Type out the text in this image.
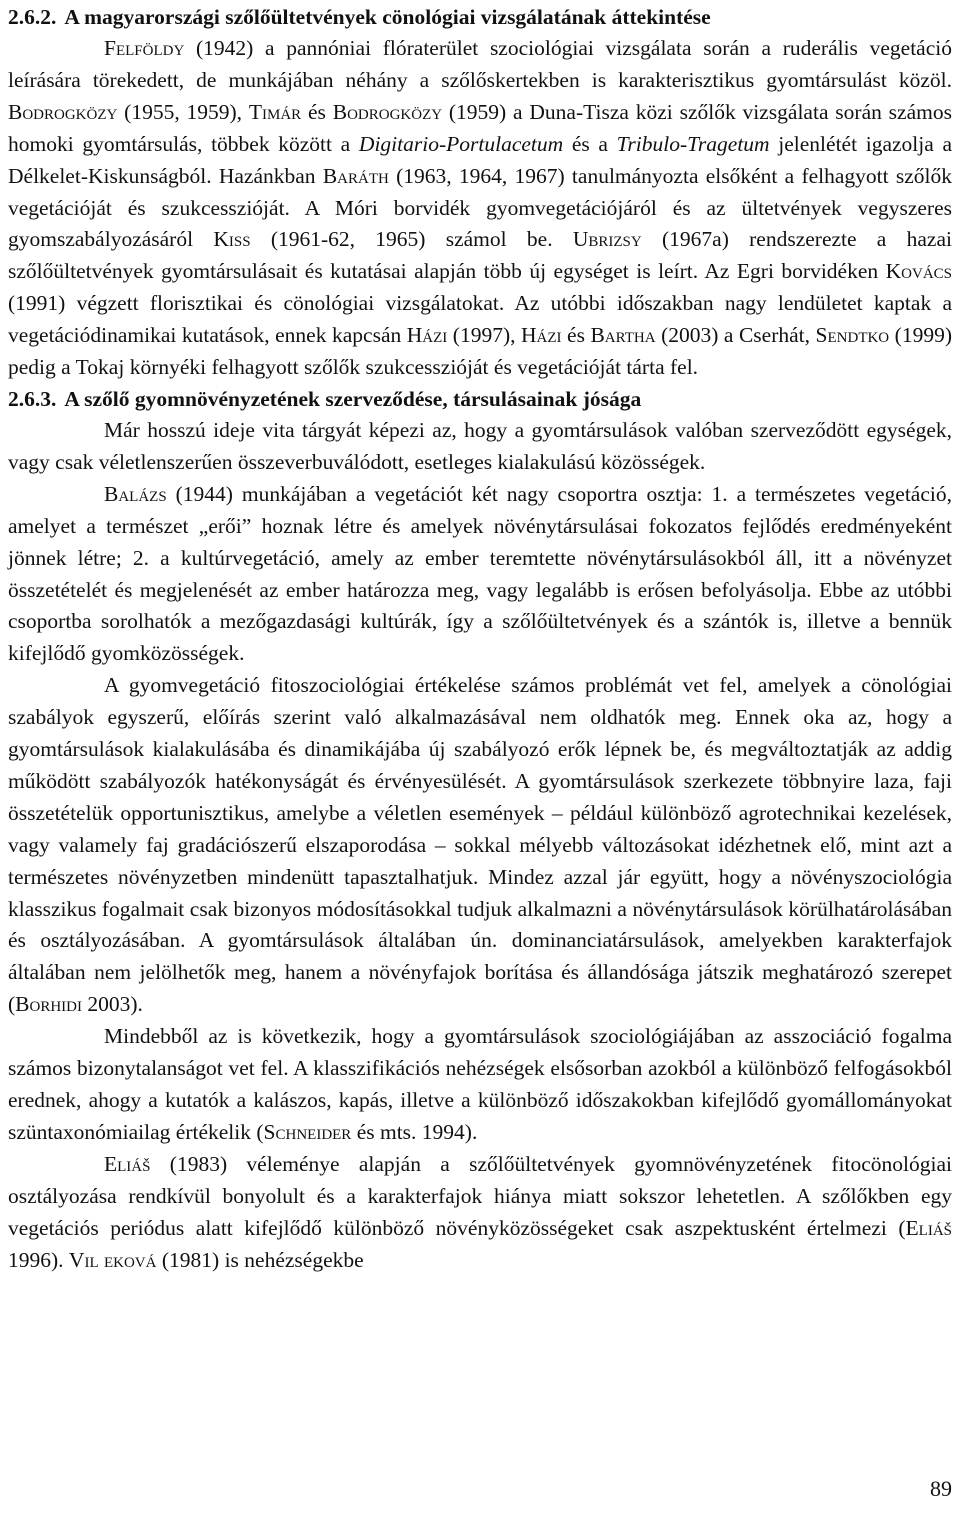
2.6.2. A magyarországi szőlőültetvények cönológiai vizsgálatának áttekintése

Felföldy (1942) a pannóniai flóraterület szociológiai vizsgálata során a ruderális vegetáció leírására törekedett, de munkájában néhány a szőlőskertekben is karakterisztikus gyomtársulást közöl. Bodrogközy (1955, 1959), Timár és Bodrogközy (1959) a Duna-Tisza közi szőlők vizsgálata során számos homoki gyomtársulás, többek között a Digitario-Portulacetum és a Tribulo-Tragetum jelenlétét igazolja a Délkelet-Kiskunságból. Hazánkban Baráth (1963, 1964, 1967) tanulmányozta elsőként a felhagyott szőlők vegetációját és szukcesszióját. A Móri borvidék gyomvegetációjáról és az ültetvények vegyszeres gyomszabályozásáról Kiss (1961-62, 1965) számol be. Ubrizsy (1967a) rendszerezte a hazai szőlőültetvények gyomtársulásait és kutatásai alapján több új egységet is leírt. Az Egri borvidéken Kovács (1991) végzett florisztikai és cönológiai vizsgálatokat. Az utóbbi időszakban nagy lendületet kaptak a vegetációdinamikai kutatások, ennek kapcsán Házi (1997), Házi és Bartha (2003) a Cserhát, Sendtko (1999) pedig a Tokaj környéki felhagyott szőlők szukcesszióját és vegetációját tárta fel.

2.6.3. A szőlő gyomnövényzetének szerveződése, társulásainak jósága

Már hosszú ideje vita tárgyát képezi az, hogy a gyomtársulások valóban szerveződött egységek, vagy csak véletlenszerűen összeverbuválódott, esetleges kialakulású közösségek.

Balázs (1944) munkájában a vegetációt két nagy csoportra osztja: 1. a természetes vegetáció, amelyet a természet „erői” hoznak létre és amelyek növénytársulásai fokozatos fejlődés eredményeként jönnek létre; 2. a kultúrvegetáció, amely az ember teremtette növénytársulásokból áll, itt a növényzet összetételét és megjelenését az ember határozza meg, vagy legalább is erősen befolyásolja. Ebbe az utóbbi csoportba sorolhatók a mezőgazdasági kultúrák, így a szőlőültetvények és a szántók is, illetve a bennük kifejlődő gyomközösségek.

A gyomvegetáció fitoszociológiai értékelése számos problémát vet fel, amelyek a cönológiai szabályok egyszerű, előírás szerint való alkalmazásával nem oldhatók meg. Ennek oka az, hogy a gyomtársulások kialakulásába és dinamikájába új szabályozó erők lépnek be, és megváltoztatják az addig működött szabályozók hatékonyságát és érvényesülését. A gyomtársulások szerkezete többnyire laza, faji összetételük opportunisztikus, amelybe a véletlen események – például különböző agrotechnikai kezelések, vagy valamely faj gradációszerű elszaporodása – sokkal mélyebb változásokat idézhetnek elő, mint azt a természetes növényzetben mindenütt tapasztalhatjuk. Mindez azzal jár együtt, hogy a növényszociológia klasszikus fogalmait csak bizonyos módosításokkal tudjuk alkalmazni a növénytársulások körülhatárolásában és osztályozásában. A gyomtársulások általában ún. dominanciatársulások, amelyekben karakterfajok általában nem jelölhetők meg, hanem a növényfajok borítása és állandósága játszik meghatározó szerepet (Borhidi 2003).

Mindebből az is következik, hogy a gyomtársulások szociológiájában az asszociáció fogalma számos bizonytalanságot vet fel. A klasszifikációs nehézségek elsősorban azokból a különböző felfogásokból erednek, ahogy a kutatók a kalászos, kapás, illetve a különböző időszakokban kifejlődő gyomállományokat szüntaxonómiailag értékelik (Schneider és mts. 1994).

Eliáš (1983) véleménye alapján a szőlőültetvények gyomnövényzetének fitocönológiai osztályozása rendkívül bonyolult és a karakterfajok hiánya miatt sokszor lehetetlen. A szőlőkben egy vegetációs periódus alatt kifejlődő különböző növényközösségeket csak aszpektusként értelmezi (Eliáš 1996). Vil eková (1981) is nehézségekbe

89
